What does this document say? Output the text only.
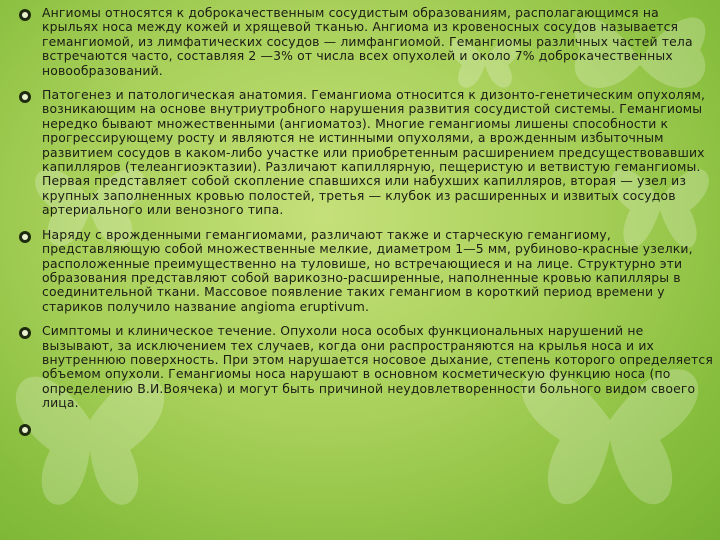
Ангиомы относятся к доброкачественным сосудистым образованиям, располагающимся на крыльях носа между кожей и хрящевой тканью. Ангиома из кровеносных сосудов называется гемангиомой, из лимфатических сосудов — лимфангиомой. Гемангиомы различных частей тела встречаются часто, составляя 2 —3% от числа всех опухолей и около 7% доброкачественных новообразований.

Патогенез и патологическая анатомия. Гемангиома относится к дизонто-генетическим опухолям, возникающим на основе внутриутробного нарушения развития сосудистой системы. Гемангиомы нередко бывают множественными (ангиоматоз). Многие гемангиомы лишены способности к прогрессирующему росту и являются не истинными опухолями, а врожденным избыточным развитием сосудов в каком-либо участке или приобретенным расширением предсуществовавших капилляров (телеангиоэктазии). Различают капиллярную, пещеристую и ветвистую гемангиомы. Первая представляет собой скопление спавшихся или набухших капилляров, вторая — узел из крупных заполненных кровью полостей, третья — клубок из расширенных и извитых сосудов артериального или венозного типа.

Наряду с врожденными гемангиомами, различают также и старческую гемангиому, представляющую собой множественные мелкие, диаметром 1—5 мм, рубиново-красные узелки, расположенные преимущественно на туловише, но встречающиеся и на лице. Структурно эти образования представляют собой варикозно-расширенные, наполненные кровью капилляры в соединительной ткани. Массовое появление таких гемангиом в короткий период времени у стариков получило название angioma eruptivum.

Симптомы и клиническое течение. Опухоли носа особых функциональных нарушений не вызывают, за исключением тех случаев, когда они распространяются на крылья носа и их внутреннюю поверхность. При этом нарушается носовое дыхание, степень которого определяется объемом опухоли. Гемангиомы носа нарушают в основном косметическую функцию носа (по определению В.И.Воячека) и могут быть причиной неудовлетворенности больного видом своего лица.
